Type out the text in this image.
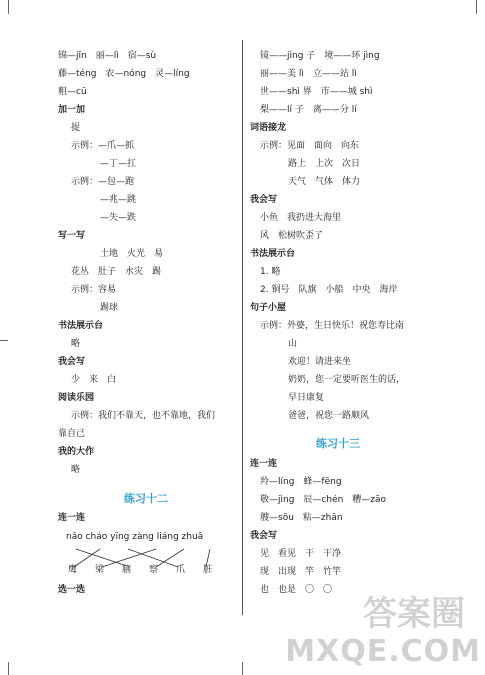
锦—jǐn　丽—lì　宿—sù
藤—téng　农—nóng　灵—líng
粗—cū
加一加
捉
示例：—爪—抓
—丁—扛
示例：—包—跑
—兆—跳
—失—跌
写一写
土地　火光　易
花丛　肚子　水灾　踢
示例：容易
踢球
书法展示台
略
我会写
少　来　白
阅读乐园
示例：我们不靠天，也不靠地，我们
靠自己
我的大作
略
连一连
nǎo cháo yīng zàng liáng zhuā
鹰　　梁　　脑　　察　　爪　　脏
选一选
镜——jìng 子　境——环 jìng
丽——美 lì　立——站 lì
世——shì 界　市——城 shì
梨——lí 子　离——分 lí
词语接龙
示例：见面　面向　向东
路上　上次　次日
天气　气体　体力
我会写
小鱼　我扔进大海里
风　松树吹歪了
书法展示台
1. 略
2. 铜号　队旗　小船　中央　海岸
句子小屋
示例：外婆，生日快乐！祝您寿比南
山
欢迎！请进来坐
奶奶，您一定要听医生的话，
早日康复
爸爸，祝您一路顺风
连一连
羚—líng　蜂—fēng
敬—jìng　辰—chén　糟—zāo
艘—sōu　粘—zhān
我会写
见　看见　干　干净
现　出现　竿　竹竿
也　也是　〇　〇
练习十二
练习十三
答案圈
MXQE.COM
